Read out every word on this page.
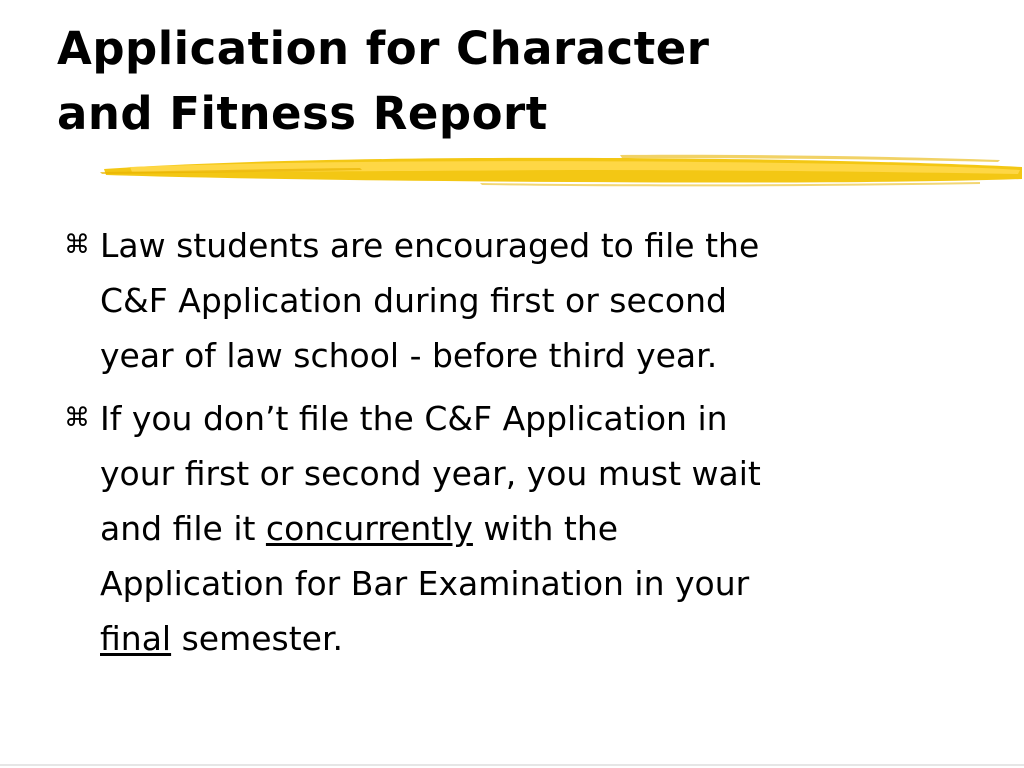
Application for Character
and Fitness Report
⌘ Law students are encouraged to file the
C&F Application during first or second
year of law school - before third year.
⌘ If you don’t file the C&F Application in
your first or second year, you must wait
and file it concurrently with the
Application for Bar Examination in your
final semester.
